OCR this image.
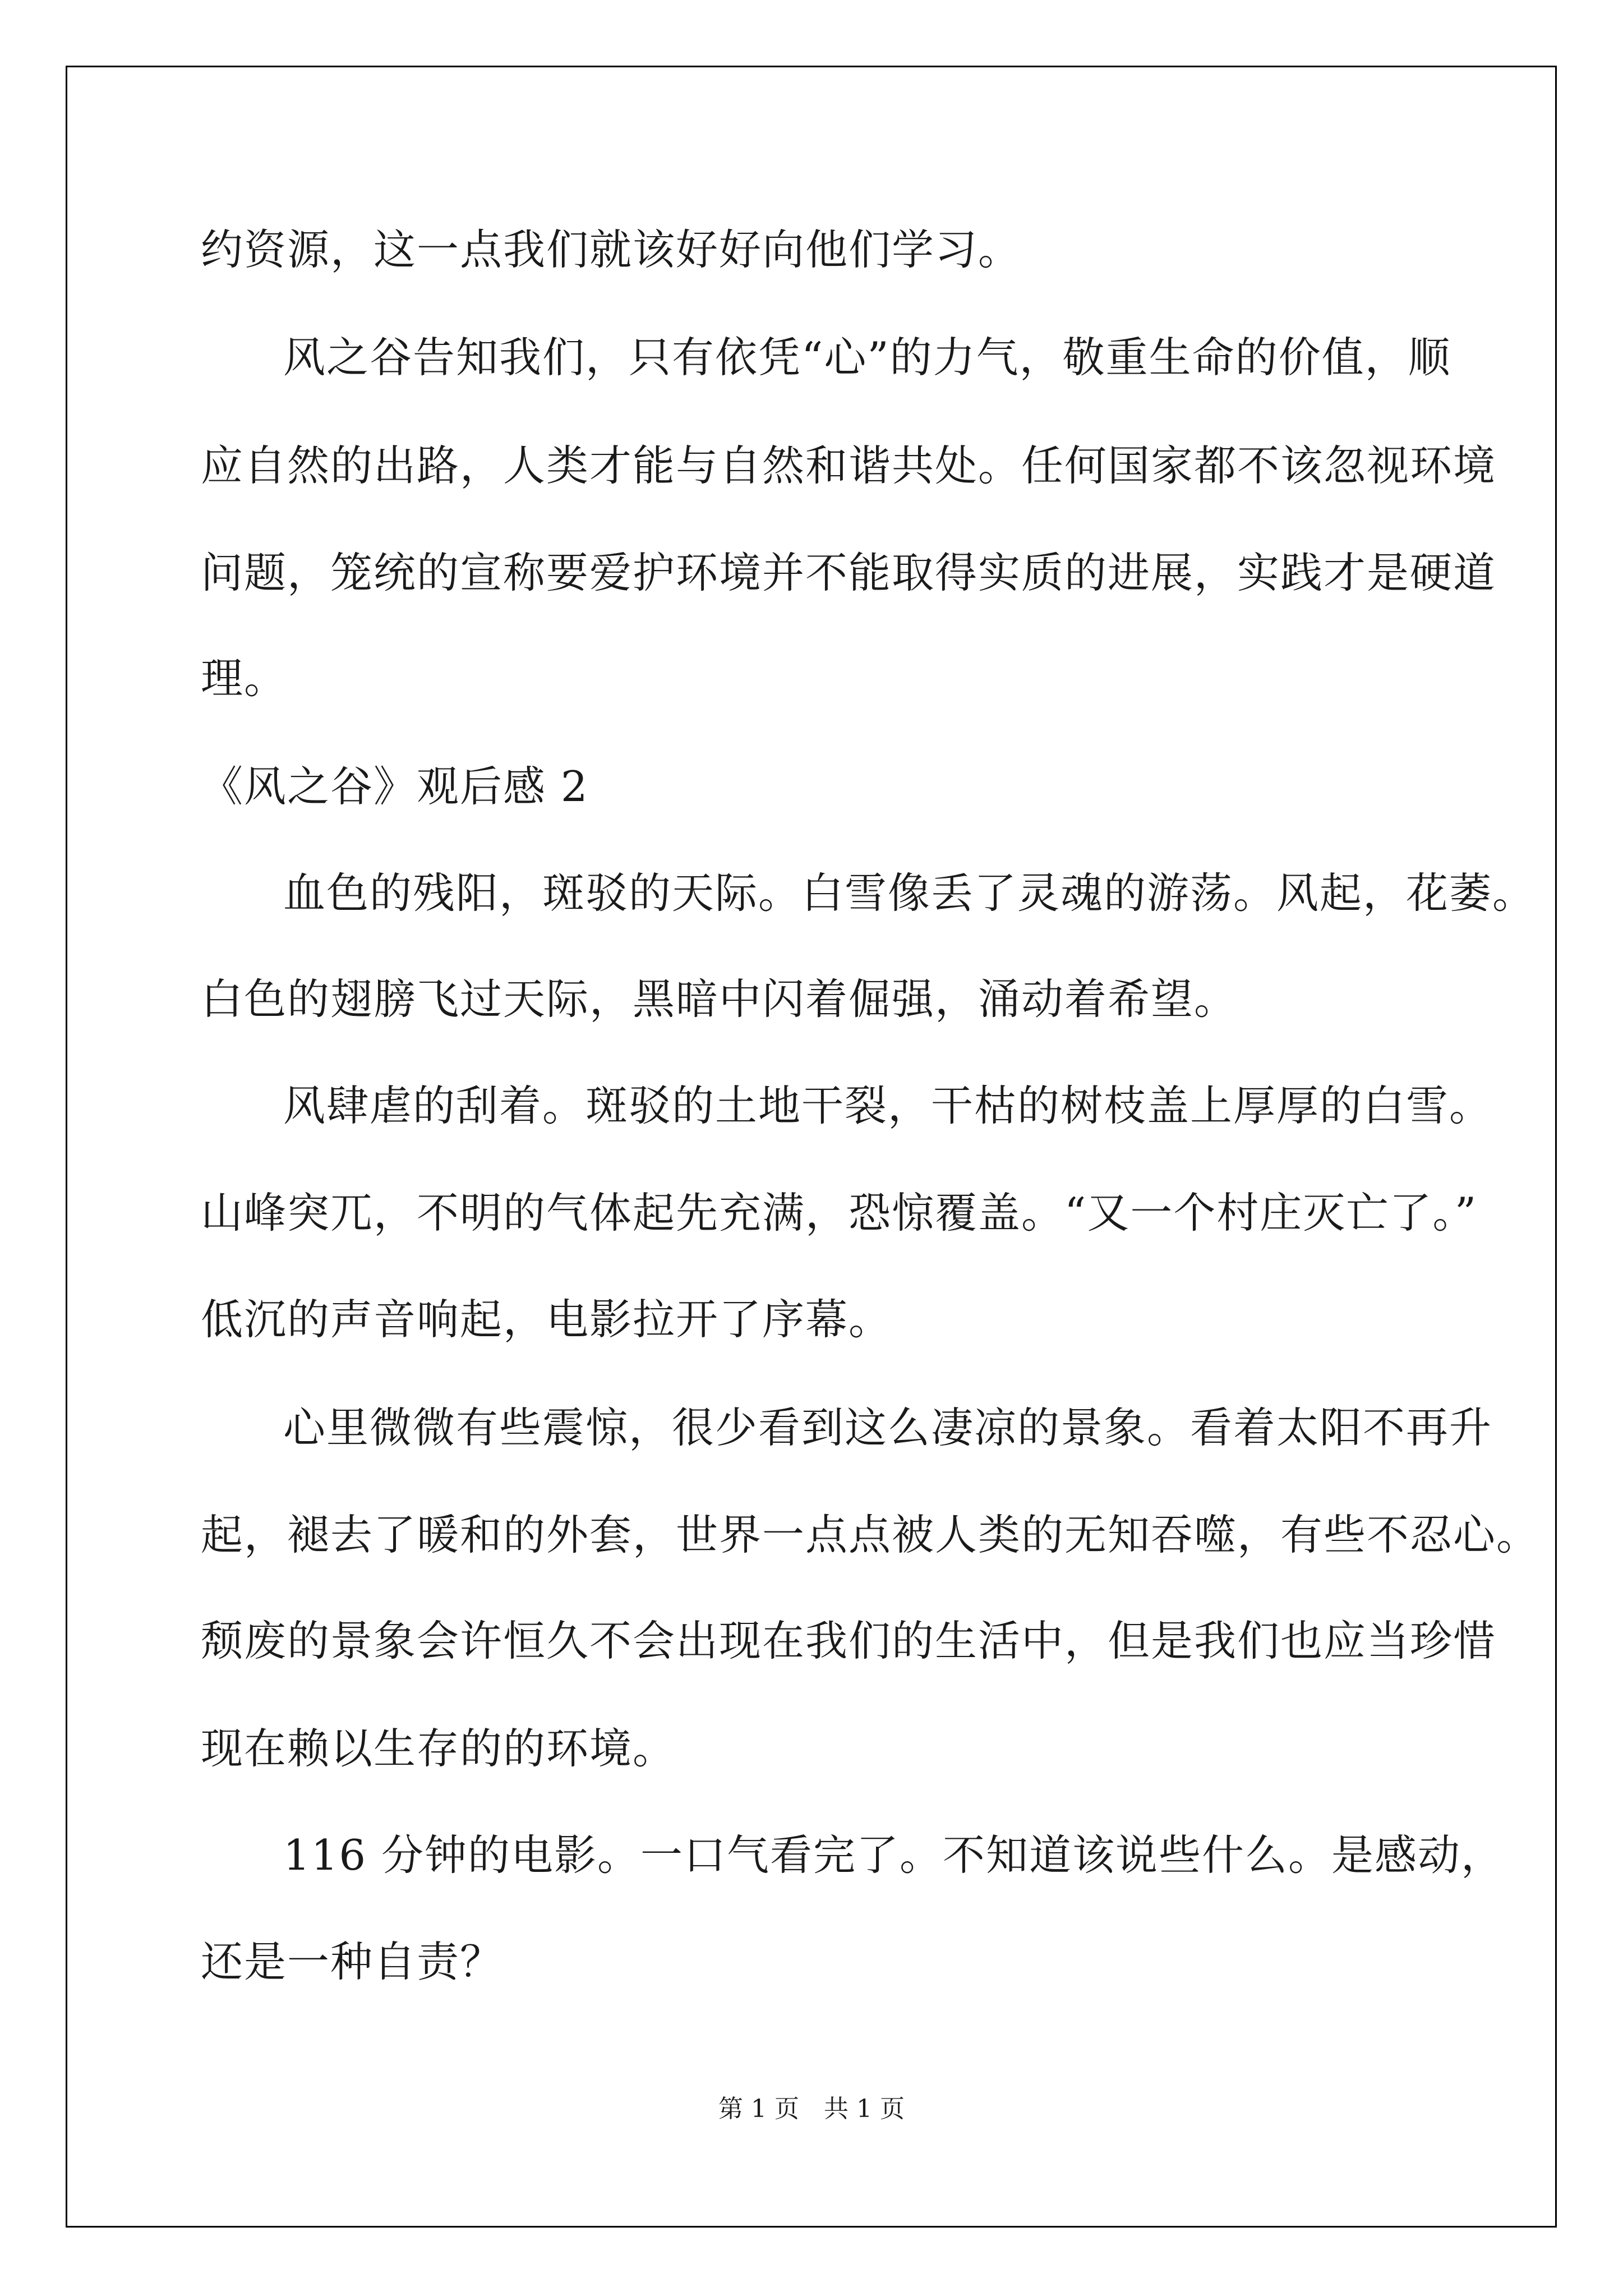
约资源，这一点我们就该好好向他们学习。
风之谷告知我们，只有依凭“心”的力气，敬重生命的价值，顺
应自然的出路，人类才能与自然和谐共处。任何国家都不该忽视环境
问题，笼统的宣称要爱护环境并不能取得实质的进展，实践才是硬道
理。
《风之谷》观后感 2
血色的残阳，斑驳的天际。白雪像丢了灵魂的游荡。风起，花萎。
白色的翅膀飞过天际，黑暗中闪着倔强，涌动着希望。
风肆虐的刮着。斑驳的土地干裂，干枯的树枝盖上厚厚的白雪。
山峰突兀，不明的气体起先充满，恐惊覆盖。“又一个村庄灭亡了。”
低沉的声音响起，电影拉开了序幕。
心里微微有些震惊，很少看到这么凄凉的景象。看着太阳不再升
起，褪去了暖和的外套，世界一点点被人类的无知吞噬，有些不忍心。
颓废的景象会许恒久不会出现在我们的生活中，但是我们也应当珍惜
现在赖以生存的的环境。
116 分钟的电影。一口气看完了。不知道该说些什么。是感动，
还是一种自责？
第 1 页　共 1 页
